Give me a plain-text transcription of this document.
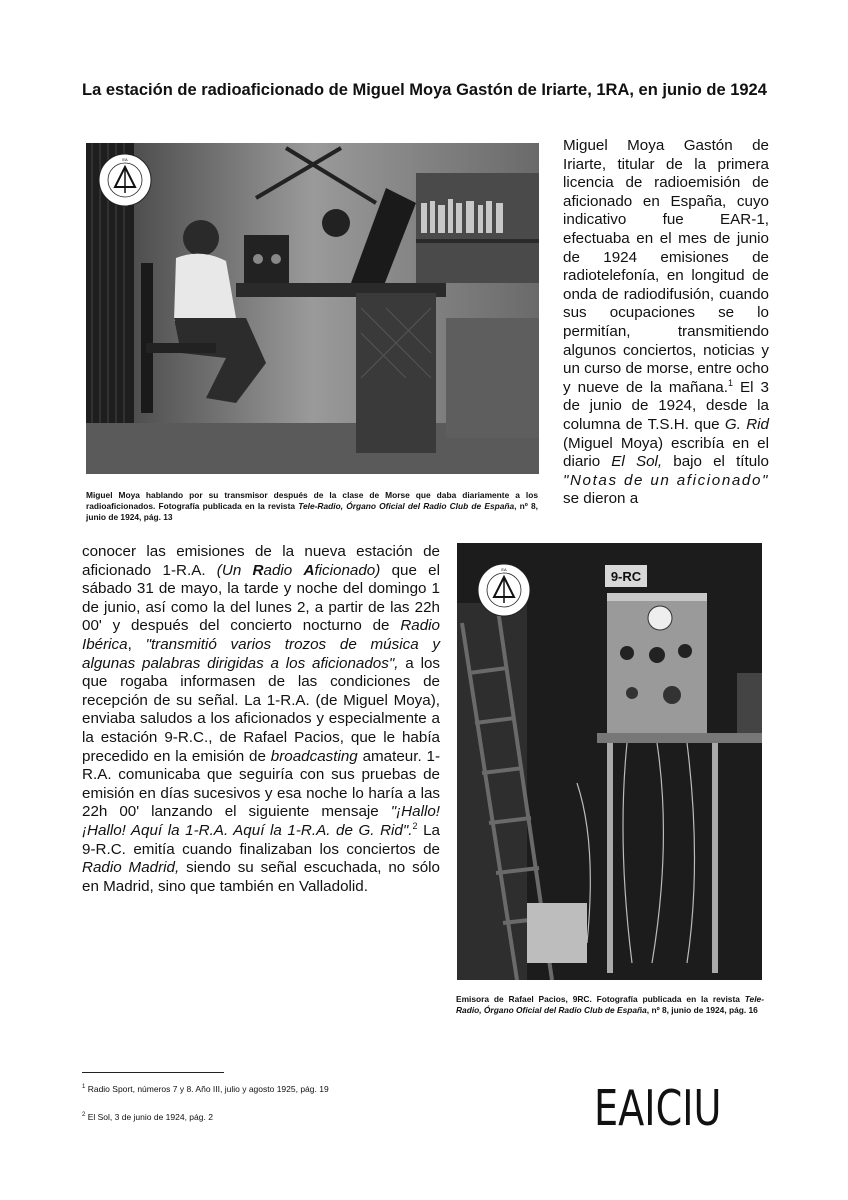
La estación de radioaficionado de Miguel Moya Gastón de Iriarte, 1RA, en junio de 1924
EA

Miguel Moya hablando por su transmisor después de la clase de Morse que daba diariamente a los radioaficionados. Fotografía publicada en la revista Tele-Radio, Órgano Oficial del Radio Club de España, nº 8, junio de 1924, pág. 13

Miguel Moya Gastón de Iriarte, titular de la primera licencia de radioemisión de aficionado en España, cuyo indicativo fue EAR-1, efectuaba en el mes de junio de 1924 emisiones de radiotelefonía, en longitud de onda de radiodifusión, cuando sus ocupaciones se lo permitían, transmitiendo algunos conciertos, noticias y un curso de morse, entre ocho y nueve de la mañana.$^1$ El 3 de junio de 1924, desde la columna de T.S.H. que G. Rid (Miguel Moya) escribía en el diario El Sol, bajo el título "Notas de un aficionado" se dieron a

conocer las emisiones de la nueva estación de aficionado 1-R.A. (Un Radio Aficionado) que el sábado 31 de mayo, la tarde y noche del domingo 1 de junio, así como la del lunes 2, a partir de las 22h 00' y después del concierto nocturno de Radio Ibérica, "transmitió varios trozos de música y algunas palabras dirigidas a los aficionados", a los que rogaba informasen de las condiciones de recepción de su señal. La 1-R.A. (de Miguel Moya), enviaba saludos a los aficionados y especialmente a la estación 9-R.C., de Rafael Pacios, que le había precedido en la emisión de broadcasting amateur. 1-R.A. comunicaba que seguiría con sus pruebas de emisión en días sucesivos y esa noche lo haría a las 22h 00' lanzando el siguiente mensaje "¡Hallo! ¡Hallo! Aquí la 1-R.A. Aquí la 1-R.A. de G. Rid".$^2$ La 9-R.C. emitía cuando finalizaban los conciertos de Radio Madrid, siendo su señal escuchada, no sólo en Madrid, sino que también en Valladolid.

9-RC
EA

Emisora de Rafael Pacios, 9RC. Fotografía publicada en la revista Tele-Radio, Órgano Oficial del Radio Club de España, nº 8, junio de 1924, pág. 16

$^1$ Radio Sport, números 7 y 8. Año III, julio y agosto 1925, pág. 19

$^2$ El Sol, 3 de junio de 1924, pág. 2	EAICIU
